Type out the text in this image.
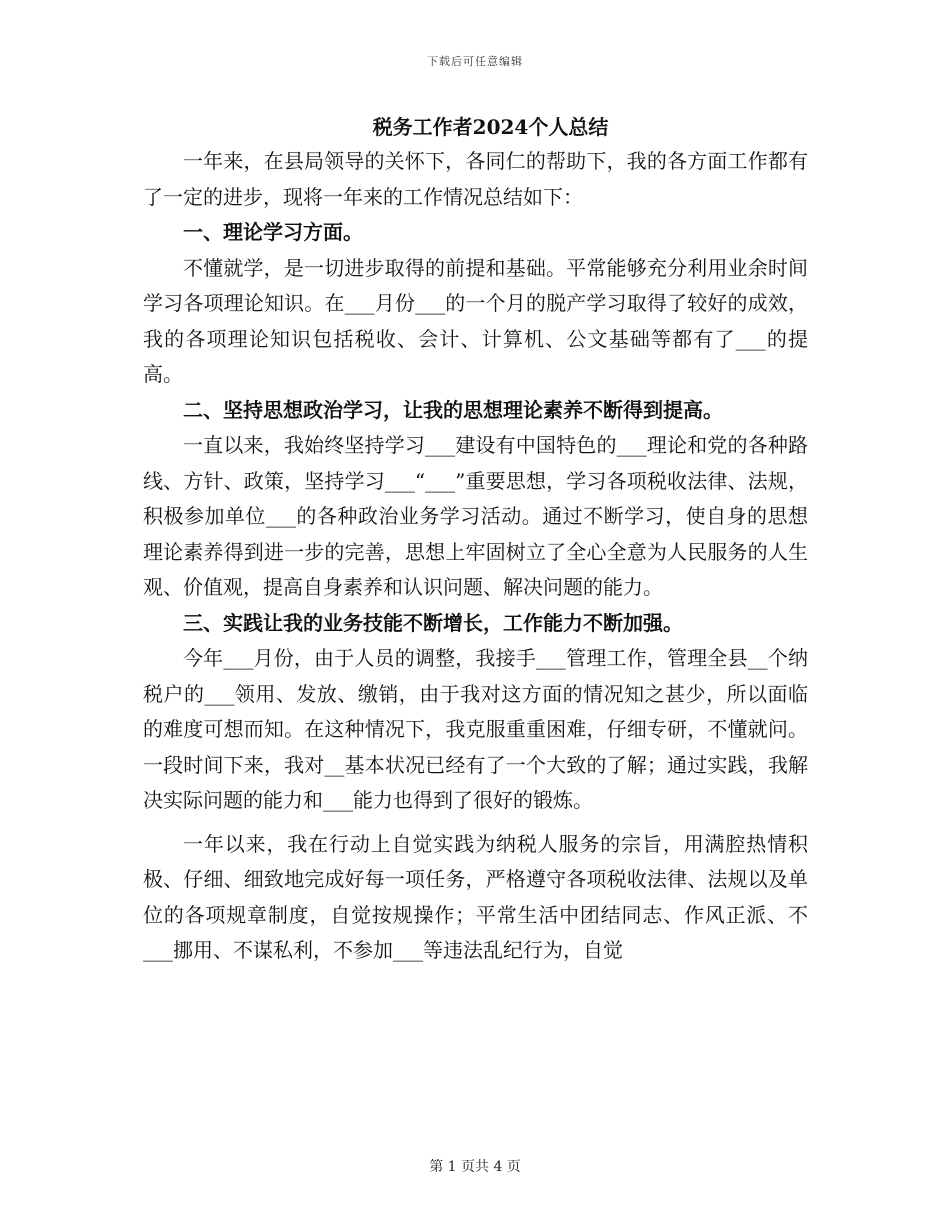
下载后可任意编辑
税务工作者2024个人总结

一年来，在县局领导的关怀下，各同仁的帮助下，我的各方面工作都有了一定的进步，现将一年来的工作情况总结如下：

一、理论学习方面。

不懂就学，是一切进步取得的前提和基础。平常能够充分利用业余时间学习各项理论知识。在___月份___的一个月的脱产学习取得了较好的成效，我的各项理论知识包括税收、会计、计算机、公文基础等都有了___的提高。

二、坚持思想政治学习，让我的思想理论素养不断得到提高。

一直以来，我始终坚持学习___建设有中国特色的___理论和党的各种路线、方针、政策，坚持学习___“___”重要思想，学习各项税收法律、法规，积极参加单位___的各种政治业务学习活动。通过不断学习，使自身的思想理论素养得到进一步的完善，思想上牢固树立了全心全意为人民服务的人生观、价值观，提高自身素养和认识问题、解决问题的能力。

三、实践让我的业务技能不断增长，工作能力不断加强。

今年___月份，由于人员的调整，我接手___管理工作，管理全县__个纳税户的___领用、发放、缴销，由于我对这方面的情况知之甚少，所以面临的难度可想而知。在这种情况下，我克服重重困难，仔细专研，不懂就问。一段时间下来，我对__基本状况已经有了一个大致的了解；通过实践，我解决实际问题的能力和___能力也得到了很好的锻炼。

一年以来，我在行动上自觉实践为纳税人服务的宗旨，用满腔热情积极、仔细、细致地完成好每一项任务，严格遵守各项税收法律、法规以及单位的各项规章制度，自觉按规操作；平常生活中团结同志、作风正派、不___挪用、不谋私利，不参加___等违法乱纪行为，自觉

第 1 页共 4 页
